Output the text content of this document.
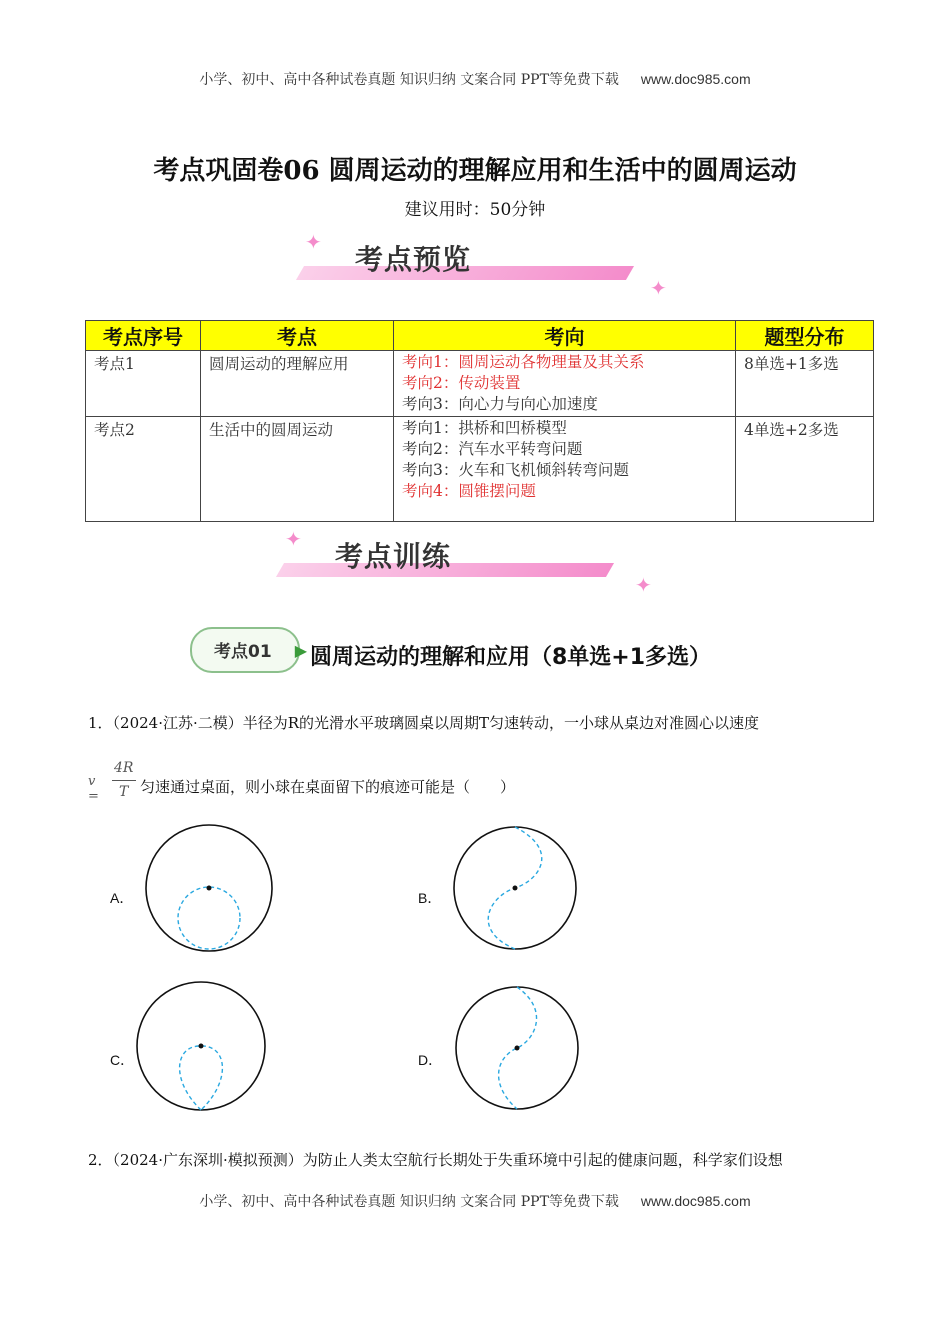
小学、初中、高中各种试卷真题 知识归纳 文案合同 PPT等免费下载 www.doc985.com
考点巩固卷06 圆周运动的理解应用和生活中的圆周运动
建议用时：50分钟
✦
✦
考点预览
考点序号	考点	考向	题型分布
考点1	圆周运动的理解应用	考向1：圆周运动各物理量及其关系
考向2：传动装置
考向3：向心力与向心加速度	8单选+1多选
考点2	生活中的圆周运动	考向1：拱桥和凹桥模型
考向2：汽车水平转弯问题
考向3：火车和飞机倾斜转弯问题
考向4：圆锥摆问题	4单选+2多选
✦
✦
考点训练
考点01 ▶ 圆周运动的理解和应用（8单选+1多选）
1．（2024·江苏·二模）半径为R的光滑水平玻璃圆桌以周期T匀速转动，一小球从桌边对准圆心以速度
v =
4R
T 匀速通过桌面，则小球在桌面留下的痕迹可能是（　　）
A．	B．
C．	D．
2．（2024·广东深圳·模拟预测）为防止人类太空航行长期处于失重环境中引起的健康问题，科学家们设想
小学、初中、高中各种试卷真题 知识归纳 文案合同 PPT等免费下载 www.doc985.com
